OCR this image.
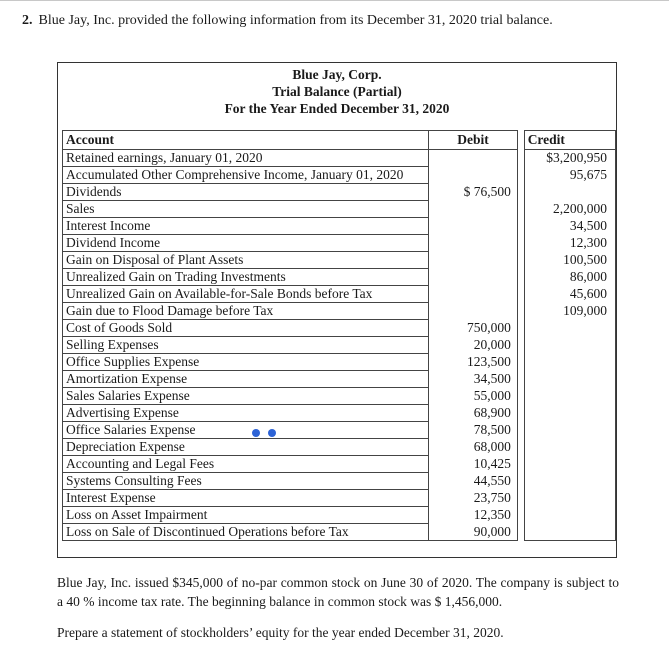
2. Blue Jay, Inc. provided the following information from its December 31, 2020 trial balance.
Blue Jay, Corp.
Trial Balance (Partial)
For the Year Ended December 31, 2020
Account	Debit		Credit
Retained earnings, January 01, 2020			$3,200,950
Accumulated Other Comprehensive Income, January 01, 2020			95,675
Dividends	$ 76,500		
Sales			2,200,000
Interest Income			34,500
Dividend Income			12,300
Gain on Disposal of Plant Assets			100,500
Unrealized Gain on Trading Investments			86,000
Unrealized Gain on Available-for-Sale Bonds before Tax			45,600
Gain due to Flood Damage before Tax			109,000
Cost of Goods Sold	750,000		
Selling Expenses	20,000		
Office Supplies Expense	123,500		
Amortization Expense	34,500		
Sales Salaries Expense	55,000		
Advertising Expense	68,900		
Office Salaries Expense	78,500		
Depreciation Expense	68,000		
Accounting and Legal Fees	10,425		
Systems Consulting Fees	44,550		
Interest Expense	23,750		
Loss on Asset Impairment	12,350		
Loss on Sale of Discontinued Operations before Tax	90,000		
Blue Jay, Inc. issued $345,000 of no-par common stock on June 30 of 2020. The company is subject to a 40 % income tax rate. The beginning balance in common stock was $ 1,456,000.
Prepare a statement of stockholders’ equity for the year ended December 31, 2020.
